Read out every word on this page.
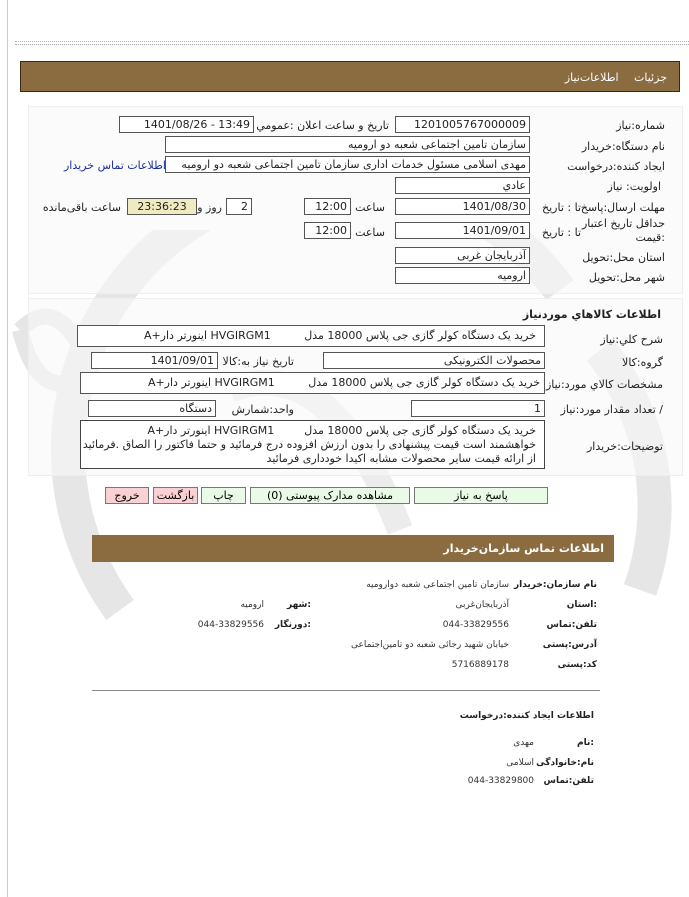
جزئیات اطلاعات‌نیاز
شماره:نیاز
1201005767000009
تاریخ و ساعت اعلان :عمومي
1401/08/26 - 13:49
نام دستگاه:خریدار
سازمان تامین اجتماعی شعبه دو ارومیه
ایجاد کننده:درخواست
مهدی اسلامی مسئول خدمات اداری سازمان تامین اجتماعی شعبه دو ارومیه
اطلاعات تماس خریدار
اولویت: نیاز
عادي
مهلت ارسال:پاسخ
تا : تاریخ
1401/08/30
ساعت
12:00
2
روز و
23:36:23
ساعت باقی‌مانده
حداقل تاریخ اعتبار
:قیمت
تا : تاریخ
1401/09/01
ساعت
12:00
استان محل:تحویل
آذربایجان غربی
شهر محل:تحویل
ارومیه
اطلاعات کالاهاي موردنیاز
شرح کلي:نیاز
خرید یک دستگاه کولر گازی جی پلاس 18000 مدل HVGIRGM1 اینورتر دار+A
گروه:کالا
محصولات الکترونیکی
تاریخ نیاز به:کالا
1401/09/01
مشخصات کالاي مورد:نیاز
خرید یک دستگاه کولر گازی جی پلاس 18000 مدل HVGIRGM1 اینورتر دار+A
/ تعداد مقدار مورد:نیاز
1
واحد:شمارش
دستگاه
توضیحات:خریدار
خرید یک دستگاه کولر گازی جی پلاس 18000 مدلHVGIRGM1 اینورتر دار+A
خواهشمند است قیمت پیشنهادی را بدون ارزش افزوده درج فرمائید و حتما فاکتور را الصاق .فرمائید
از ارائه قیمت سایر محصولات مشابه اکیدا خودداری فرمائید
پاسخ به نیاز
مشاهده مدارک پیوستی (0)
چاپ
بازگشت
خروج
اطلاعات تماس سازمان‌خریدار
نام سازمان:خریدار
سازمان تامین اجتماعی شعبه دوارومیه
:استان
آذربایجان‌غربی
:شهر
ارومیه
تلفن:تماس
044-33829556
:دورنگار
044-33829556
آدرس:پستی
خیابان شهید رجائی شعبه دو تامین‌اجتماعی
کد:پستی
5716889178
اطلاعات ایجاد کننده:درخواست
:نام
مهدی
نام:خانوادگی
اسلامی
تلفن:تماس
044-33829800
